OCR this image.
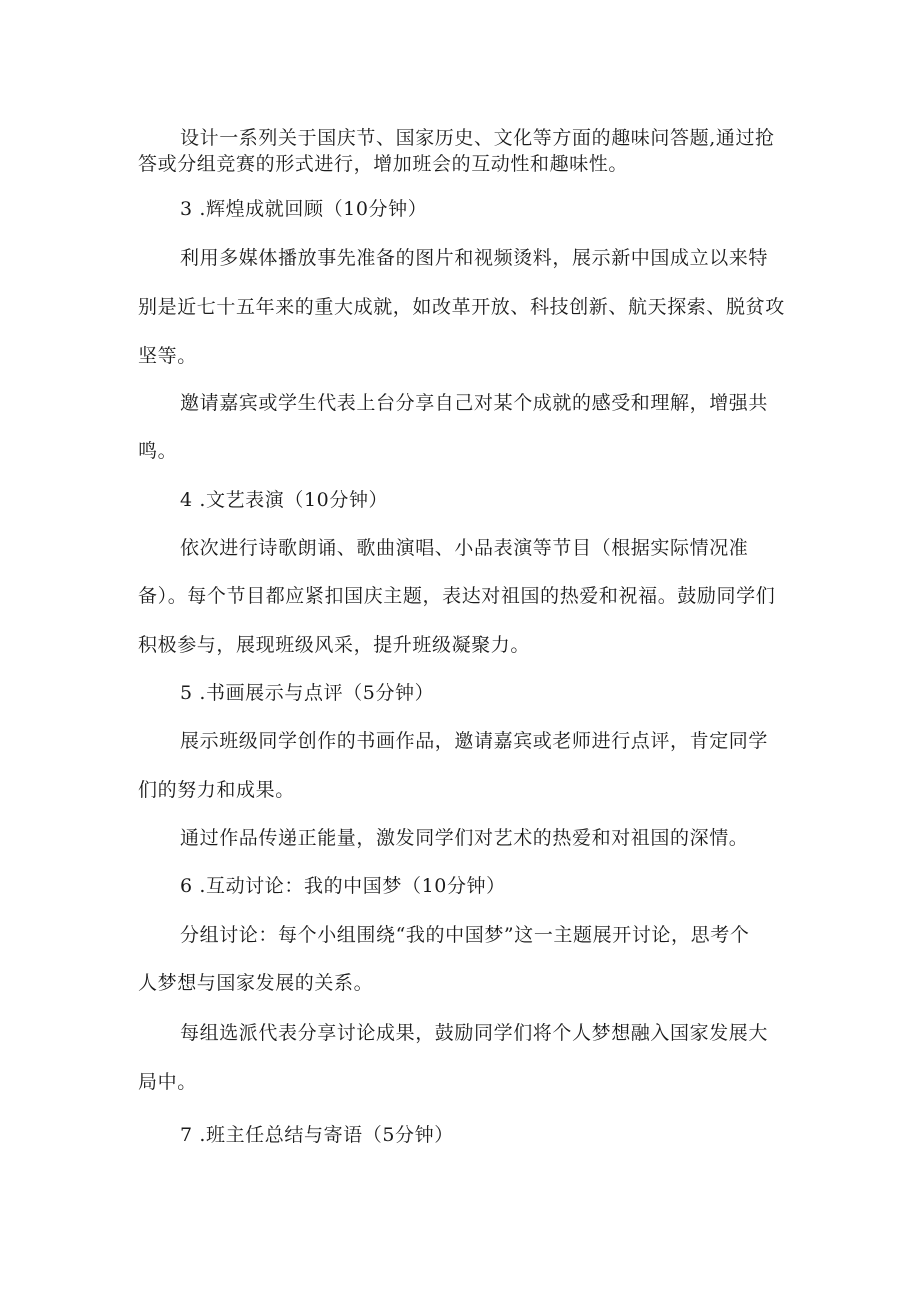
设计一系列关于国庆节、国家历史、文化等方面的趣味问答题,通过抢
答或分组竞赛的形式进行，增加班会的互动性和趣味性。
3 .辉煌成就回顾（10分钟）
利用多媒体播放事先准备的图片和视频烫料，展示新中国成立以来特
别是近七十五年来的重大成就，如改革开放、科技创新、航天探索、脱贫攻
坚等。
邀请嘉宾或学生代表上台分享自己对某个成就的感受和理解，增强共
鸣。
4 .文艺表演（10分钟）
依次进行诗歌朗诵、歌曲演唱、小品表演等节目（根据实际情况准
备）。每个节目都应紧扣国庆主题，表达对祖国的热爱和祝福。鼓励同学们
积极参与，展现班级风采，提升班级凝聚力。
5 .书画展示与点评（5分钟）
展示班级同学创作的书画作品，邀请嘉宾或老师进行点评，肯定同学
们的努力和成果。
通过作品传递正能量，激发同学们对艺术的热爱和对祖国的深情。
6 .互动讨论：我的中国梦（10分钟）
分组讨论：每个小组围绕“我的中国梦”这一主题展开讨论，思考个
人梦想与国家发展的关系。
每组选派代表分享讨论成果，鼓励同学们将个人梦想融入国家发展大
局中。
7 .班主任总结与寄语（5分钟）
